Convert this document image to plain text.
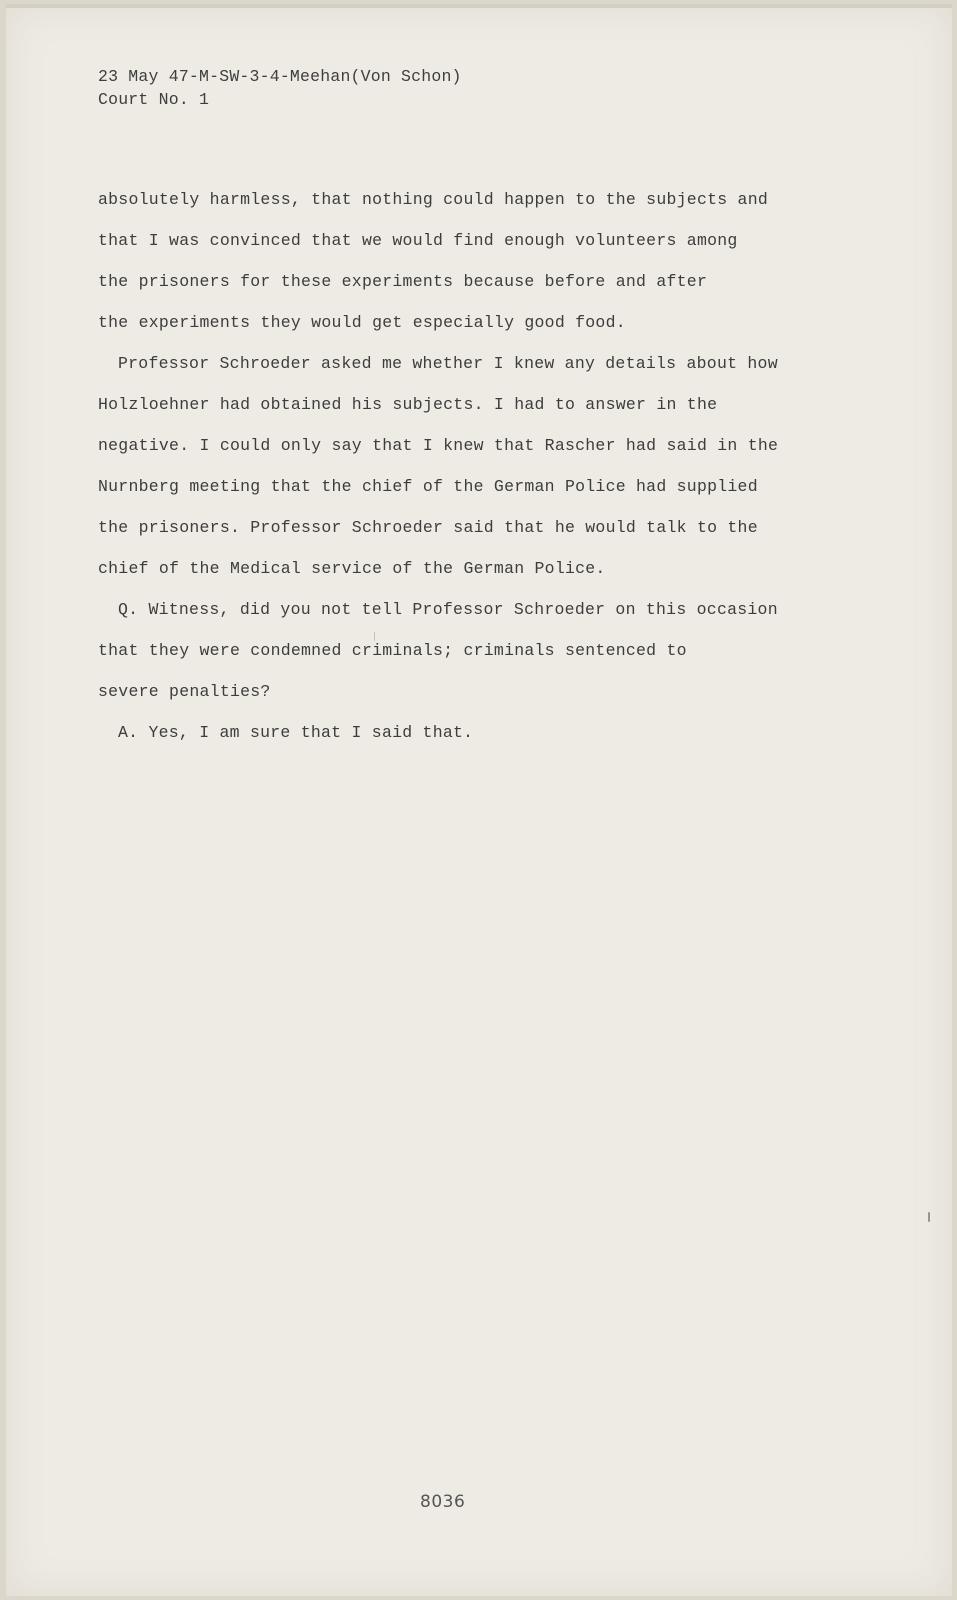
23 May 47-M-SW-3-4-Meehan(Von Schon)
Court No. 1
absolutely harmless, that nothing could happen to the subjects and
that I was convinced that we would find enough volunteers among
the prisoners for these experiments because before and after
the experiments they would get especially good food.
Professor Schroeder asked me whether I knew any details about how
Holzloehner had obtained his subjects. I had to answer in the
negative. I could only say that I knew that Rascher had said in the
Nurnberg meeting that the chief of the German Police had supplied
the prisoners. Professor Schroeder said that he would talk to the
chief of the Medical service of the German Police.
Q. Witness, did you not tell Professor Schroeder on this occasion
that they were condemned criminals; criminals sentenced to
severe penalties?
A. Yes, I am sure that I said that.
8036
